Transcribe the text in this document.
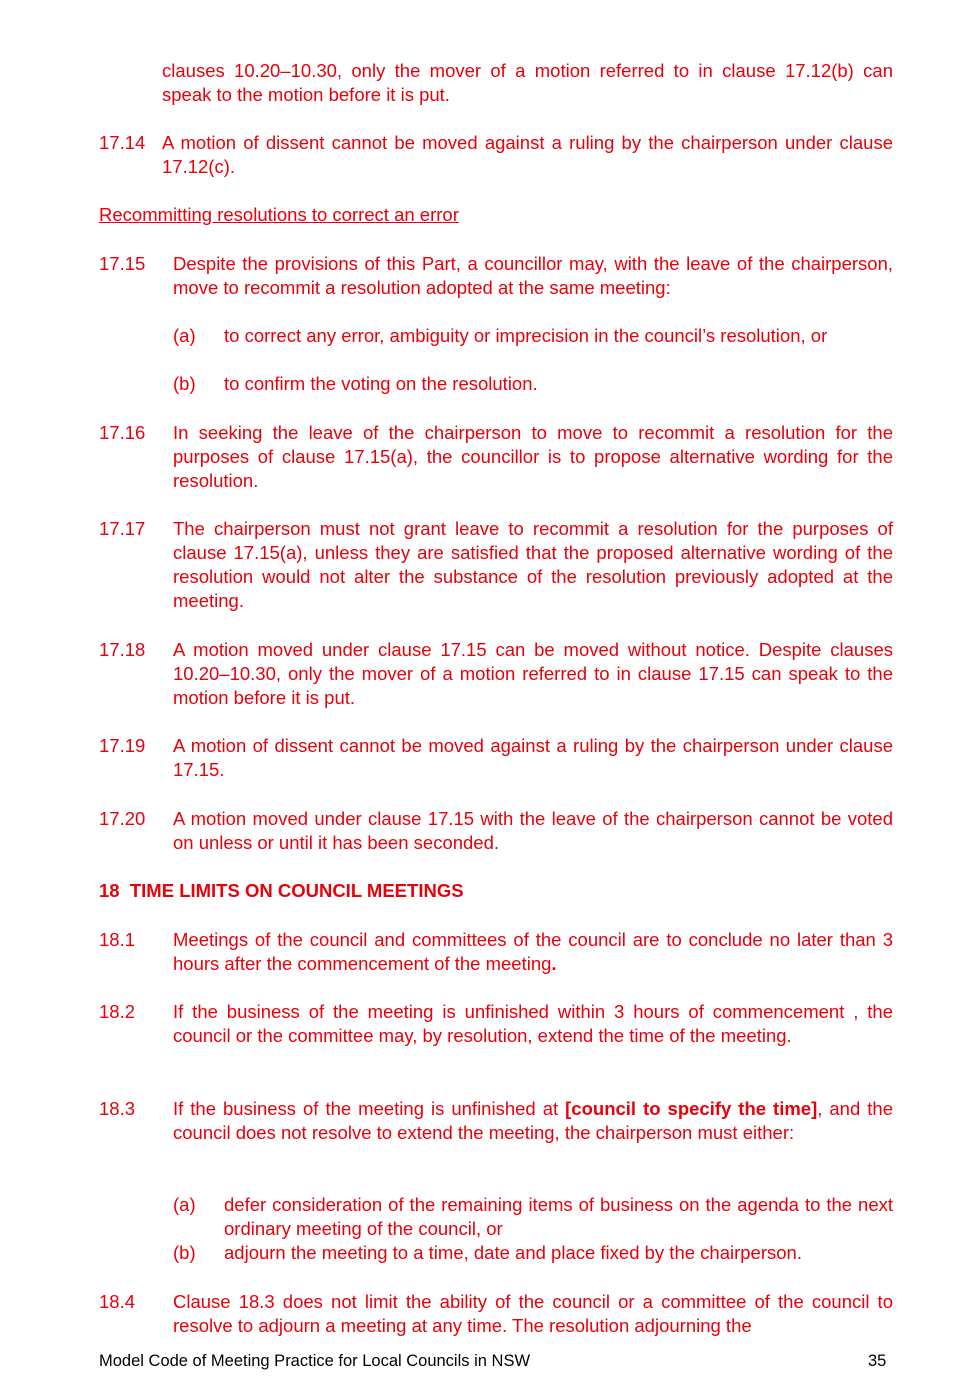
clauses 10.20–10.30, only the mover of a motion referred to in clause 17.12(b) can speak to the motion before it is put.
17.14 A motion of dissent cannot be moved against a ruling by the chairperson under clause 17.12(c).
Recommitting resolutions to correct an error
17.15 Despite the provisions of this Part, a councillor may, with the leave of the chairperson, move to recommit a resolution adopted at the same meeting:
(a) to correct any error, ambiguity or imprecision in the council’s resolution, or
(b) to confirm the voting on the resolution.
17.16 In seeking the leave of the chairperson to move to recommit a resolution for the purposes of clause 17.15(a), the councillor is to propose alternative wording for the resolution.
17.17 The chairperson must not grant leave to recommit a resolution for the purposes of clause 17.15(a), unless they are satisfied that the proposed alternative wording of the resolution would not alter the substance of the resolution previously adopted at the meeting.
17.18 A motion moved under clause 17.15 can be moved without notice. Despite clauses 10.20–10.30, only the mover of a motion referred to in clause 17.15 can speak to the motion before it is put.
17.19 A motion of dissent cannot be moved against a ruling by the chairperson under clause 17.15.
17.20 A motion moved under clause 17.15 with the leave of the chairperson cannot be voted on unless or until it has been seconded.
18 TIME LIMITS ON COUNCIL MEETINGS
18.1 Meetings of the council and committees of the council are to conclude no later than 3 hours after the commencement of the meeting.
18.2 If the business of the meeting is unfinished within 3 hours of commencement , the council or the committee may, by resolution, extend the time of the meeting.
18.3 If the business of the meeting is unfinished at [council to specify the time], and the council does not resolve to extend the meeting, the chairperson must either:
(a) defer consideration of the remaining items of business on the agenda to the next ordinary meeting of the council, or
(b) adjourn the meeting to a time, date and place fixed by the chairperson.
18.4 Clause 18.3 does not limit the ability of the council or a committee of the council to resolve to adjourn a meeting at any time. The resolution adjourning the
Model Code of Meeting Practice for Local Councils in NSW	35
